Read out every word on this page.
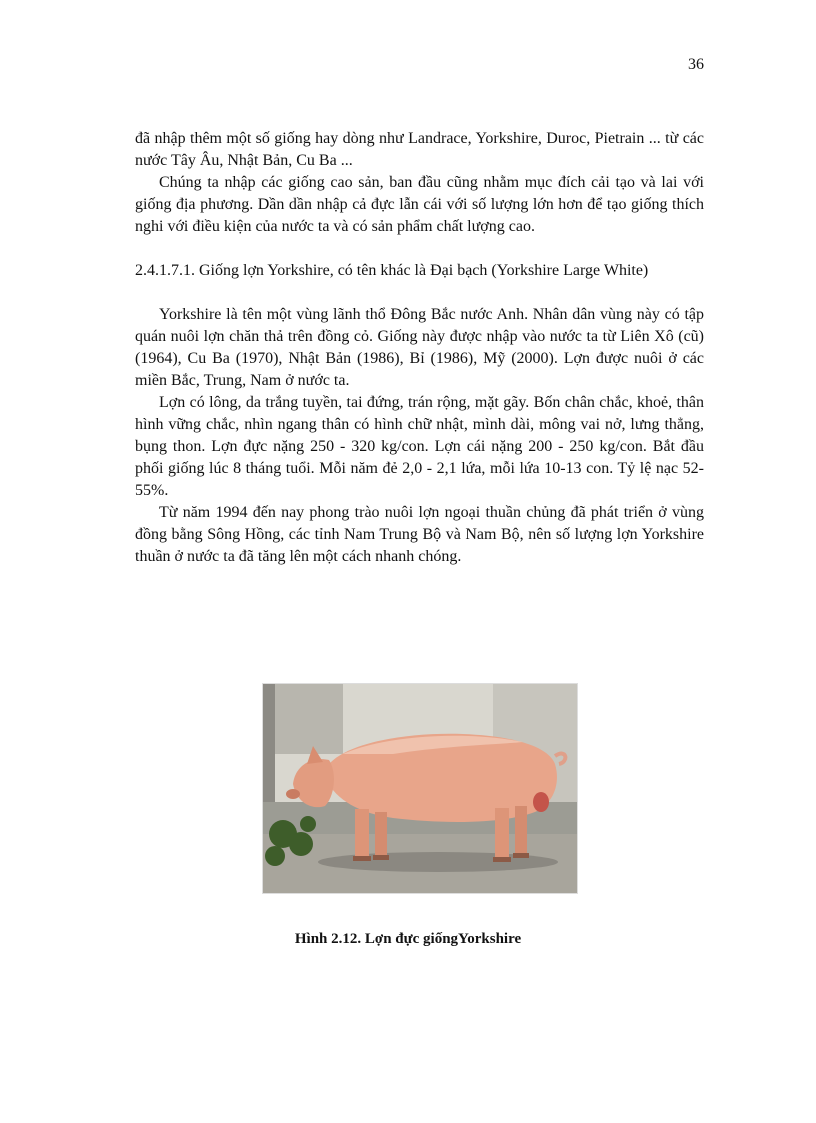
36

đã nhập thêm một số giống hay dòng như Landrace, Yorkshire, Duroc, Pietrain ... từ các nước Tây Âu, Nhật Bản, Cu Ba ...

Chúng ta nhập các giống cao sản, ban đầu cũng nhằm mục đích cải tạo và lai với giống địa phương. Dần dần nhập cả đực lẫn cái với số lượng lớn hơn để tạo giống thích nghi với điều kiện của nước ta và có sản phẩm chất lượng cao.

2.4.1.7.1. Giống lợn Yorkshire, có tên khác là Đại bạch (Yorkshire Large White)

Yorkshire là tên một vùng lãnh thổ Đông Bắc nước Anh. Nhân dân vùng này có tập quán nuôi lợn chăn thả trên đồng cỏ. Giống này được nhập vào nước ta từ Liên Xô (cũ) (1964), Cu Ba (1970), Nhật Bản (1986), Bỉ (1986), Mỹ (2000). Lợn được nuôi ở các miền Bắc, Trung, Nam ở nước ta.

Lợn có lông, da trắng tuyền, tai đứng, trán rộng, mặt gãy. Bốn chân chắc, khoẻ, thân hình vững chắc, nhìn ngang thân có hình chữ nhật, mình dài, mông vai nở, lưng thẳng, bụng thon. Lợn đực nặng 250 - 320 kg/con. Lợn cái nặng 200 - 250 kg/con. Bắt đầu phối giống lúc 8 tháng tuổi. Mỗi năm đẻ 2,0 - 2,1 lứa, mỗi lứa 10-13 con. Tỷ lệ nạc 52-55%.

Từ năm 1994 đến nay phong trào nuôi lợn ngoại thuần chủng đã phát triển ở vùng đồng bằng Sông Hồng, các tỉnh Nam Trung Bộ và Nam Bộ, nên số lượng lợn Yorkshire thuần ở nước ta đã tăng lên một cách nhanh chóng.

Hình 2.12. Lợn đực giốngYorkshire
